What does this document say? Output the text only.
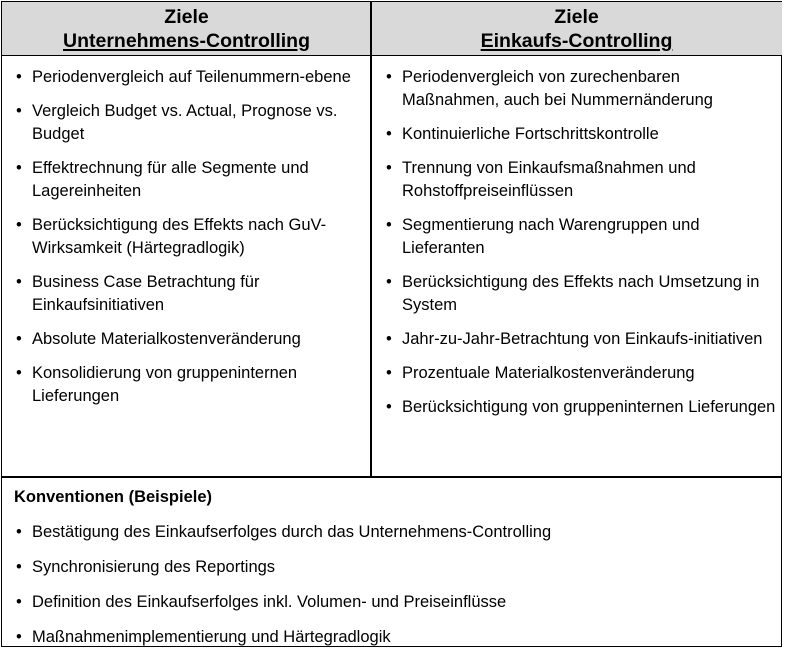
Ziele
Unternehmens-Controlling
Ziele
Einkaufs-Controlling
• Periodenvergleich auf Teilenummern-ebene
• Vergleich Budget vs. Actual, Prognose vs. Budget
• Effektrechnung für alle Segmente und Lagereinheiten
• Berücksichtigung des Effekts nach GuV-Wirksamkeit (Härtegradlogik)
• Business Case Betrachtung für Einkaufsinitiativen
• Absolute Materialkostenveränderung
• Konsolidierung von gruppeninternen Lieferungen
• Periodenvergleich von zurechenbaren Maßnahmen, auch bei Nummernänderung
• Kontinuierliche Fortschrittskontrolle
• Trennung von Einkaufsmaßnahmen und Rohstoffpreiseinflüssen
• Segmentierung nach Warengruppen und Lieferanten
• Berücksichtigung des Effekts nach Umsetzung in System
• Jahr-zu-Jahr-Betrachtung von Einkaufs-initiativen
• Prozentuale Materialkostenveränderung
• Berücksichtigung von gruppeninternen Lieferungen
Konventionen (Beispiele)
• Bestätigung des Einkaufserfolges durch das Unternehmens-Controlling
• Synchronisierung des Reportings
• Definition des Einkaufserfolges inkl. Volumen- und Preiseinflüsse
• Maßnahmenimplementierung und Härtegradlogik
